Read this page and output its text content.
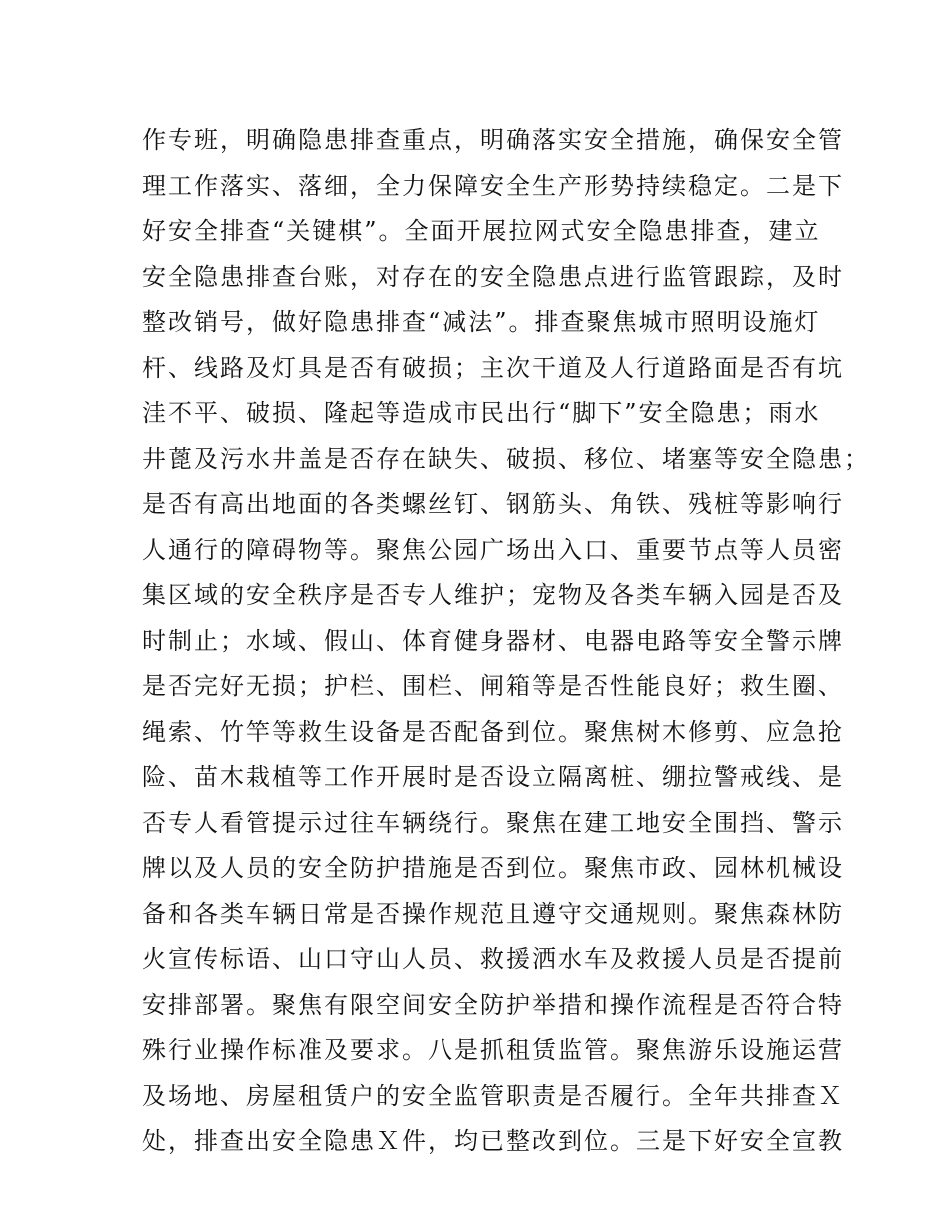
作专班，明确隐患排查重点，明确落实安全措施，确保安全管
理工作落实、落细，全力保障安全生产形势持续稳定。二是下
好安全排查“关键棋”。全面开展拉网式安全隐患排查，建立
安全隐患排查台账，对存在的安全隐患点进行监管跟踪，及时
整改销号，做好隐患排查“减法”。排查聚焦城市照明设施灯
杆、线路及灯具是否有破损；主次干道及人行道路面是否有坑
洼不平、破损、隆起等造成市民出行“脚下”安全隐患；雨水
井蓖及污水井盖是否存在缺失、破损、移位、堵塞等安全隐患；
是否有高出地面的各类螺丝钉、钢筋头、角铁、残桩等影响行
人通行的障碍物等。聚焦公园广场出入口、重要节点等人员密
集区域的安全秩序是否专人维护；宠物及各类车辆入园是否及
时制止；水域、假山、体育健身器材、电器电路等安全警示牌
是否完好无损；护栏、围栏、闸箱等是否性能良好；救生圈、
绳索、竹竿等救生设备是否配备到位。聚焦树木修剪、应急抢
险、苗木栽植等工作开展时是否设立隔离桩、绷拉警戒线、是
否专人看管提示过往车辆绕行。聚焦在建工地安全围挡、警示
牌以及人员的安全防护措施是否到位。聚焦市政、园林机械设
备和各类车辆日常是否操作规范且遵守交通规则。聚焦森林防
火宣传标语、山口守山人员、救援洒水车及救援人员是否提前
安排部署。聚焦有限空间安全防护举措和操作流程是否符合特
殊行业操作标准及要求。八是抓租赁监管。聚焦游乐设施运营
及场地、房屋租赁户的安全监管职责是否履行。全年共排查Ｘ
处，排查出安全隐患Ｘ件，均已整改到位。三是下好安全宣教
